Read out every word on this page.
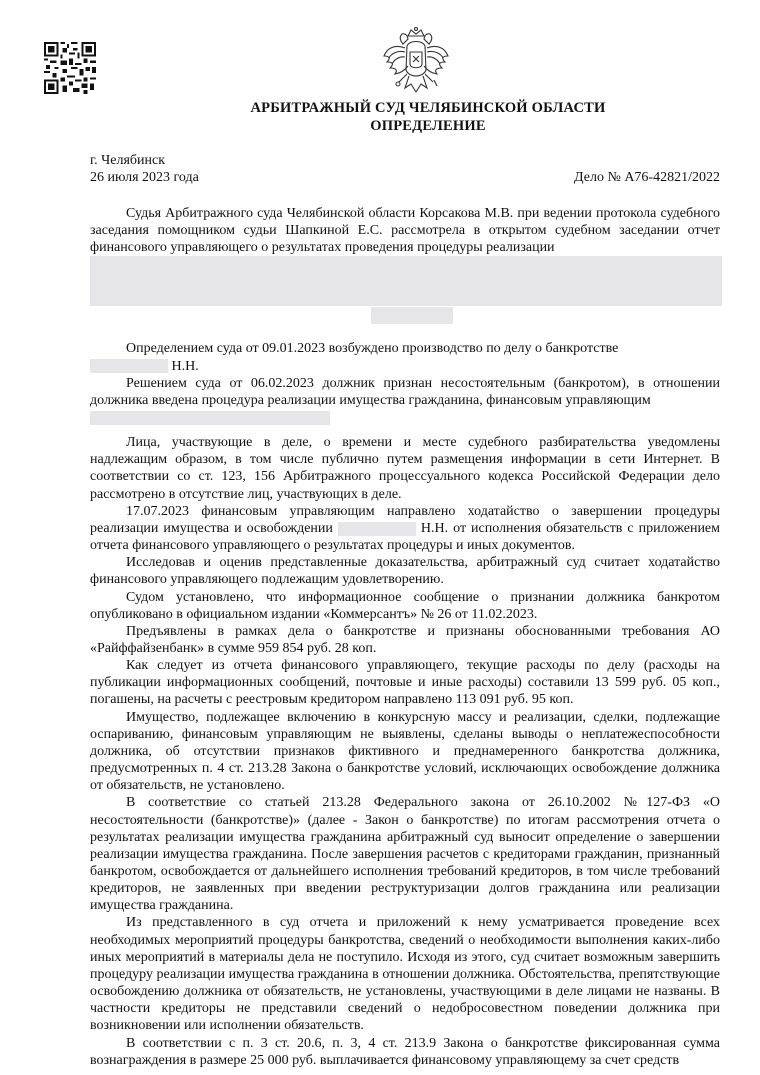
АРБИТРАЖНЫЙ СУД ЧЕЛЯБИНСКОЙ ОБЛАСТИ
ОПРЕДЕЛЕНИЕ
г. Челябинск
26 июля 2023 года	Дело № А76-42821/2022

Судья Арбитражного суда Челябинской области Корсакова М.В. при ведении протокола судебного заседания помощником судьи Шапкиной Е.С. рассмотрела в открытом судебном заседании отчет финансового управляющего о результатах проведения процедуры реализации

Определением суда от 09.01.2023 возбуждено производство по делу о банкротстве
Н.Н.

Решением суда от 06.02.2023 должник признан несостоятельным (банкротом), в отношении должника введена процедура реализации имущества гражданина, финансовым управляющим

Лица, участвующие в деле, о времени и месте судебного разбирательства уведомлены надлежащим образом, в том числе публично путем размещения информации в сети Интернет. В соответствии со ст. 123, 156 Арбитражного процессуального кодекса Российской Федерации дело рассмотрено в отсутствие лиц, участвующих в деле.

17.07.2023 финансовым управляющим направлено ходатайство о завершении процедуры реализации имущества и освобождении	Н.Н. от исполнения обязательств с приложением отчета финансового управляющего о результатах процедуры и иных документов.

Исследовав и оценив представленные доказательства, арбитражный суд считает ходатайство финансового управляющего подлежащим удовлетворению.

Судом установлено, что информационное сообщение о признании должника банкротом опубликовано в официальном издании «Коммерсантъ» № 26 от 11.02.2023.

Предъявлены в рамках дела о банкротстве и признаны обоснованными требования АО «Райффайзенбанк» в сумме 959 854 руб. 28 коп.

Как следует из отчета финансового управляющего, текущие расходы по делу (расходы на публикации информационных сообщений, почтовые и иные расходы) составили 13 599 руб. 05 коп., погашены, на расчеты с реестровым кредитором направлено 113 091 руб. 95 коп.

Имущество, подлежащее включению в конкурсную массу и реализации, сделки, подлежащие оспариванию, финансовым управляющим не выявлены, сделаны выводы о неплатежеспособности должника, об отсутствии признаков фиктивного и преднамеренного банкротства должника, предусмотренных п. 4 ст. 213.28 Закона о банкротстве условий, исключающих освобождение должника от обязательств, не установлено.

В соответствие со статьей 213.28 Федерального закона от 26.10.2002 №127-ФЗ «О несостоятельности (банкротстве)» (далее - Закон о банкротстве) по итогам рассмотрения отчета о результатах реализации имущества гражданина арбитражный суд выносит определение о завершении реализации имущества гражданина. После завершения расчетов с кредиторами гражданин, признанный банкротом, освобождается от дальнейшего исполнения требований кредиторов, в том числе требований кредиторов, не заявленных при введении реструктуризации долгов гражданина или реализации имущества гражданина.

Из представленного в суд отчета и приложений к нему усматривается проведение всех необходимых мероприятий процедуры банкротства, сведений о необходимости выполнения каких-либо иных мероприятий в материалы дела не поступило. Исходя из этого, суд считает возможным завершить процедуру реализации имущества гражданина в отношении должника. Обстоятельства, препятствующие освобождению должника от обязательств, не установлены, участвующими в деле лицами не названы. В частности кредиторы не представили сведений о недобросовестном поведении должника при возникновении или исполнении обязательств.

В соответствии с п. 3 ст. 20.6, п. 3, 4 ст. 213.9 Закона о банкротстве фиксированная сумма вознаграждения в размере 25 000 руб. выплачивается финансовому управляющему за счет средств
